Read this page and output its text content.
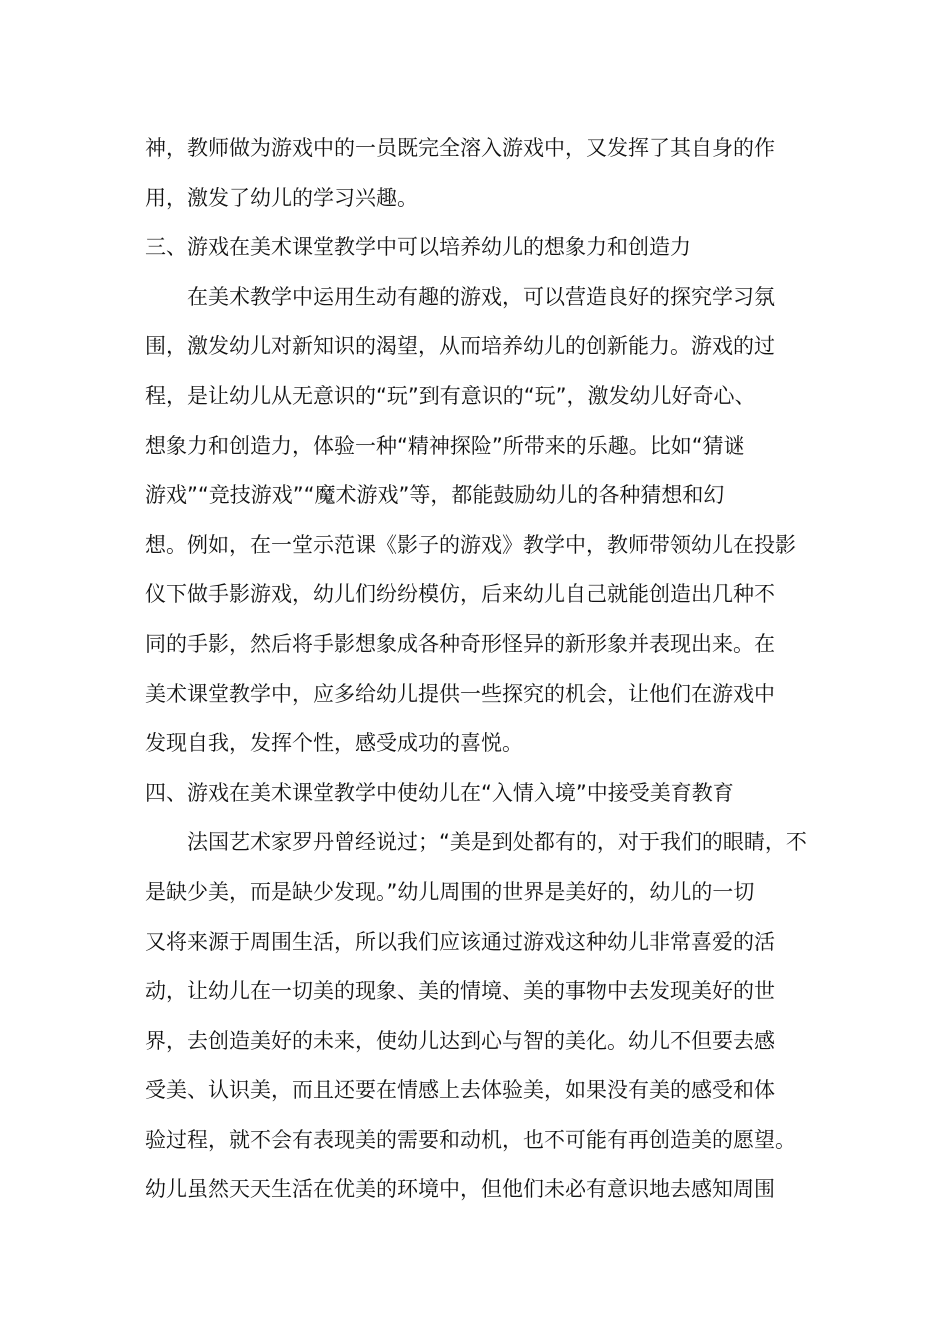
神，教师做为游戏中的一员既完全溶入游戏中，又发挥了其自身的作
用，激发了幼儿的学习兴趣。
三、游戏在美术课堂教学中可以培养幼儿的想象力和创造力
在美术教学中运用生动有趣的游戏，可以营造良好的探究学习氛
围，激发幼儿对新知识的渴望，从而培养幼儿的创新能力。游戏的过
程，是让幼儿从无意识的“玩”到有意识的“玩”，激发幼儿好奇心、
想象力和创造力，体验一种“精神探险”所带来的乐趣。比如“猜谜
游戏”“竞技游戏”“魔术游戏”等，都能鼓励幼儿的各种猜想和幻
想。例如，在一堂示范课《影子的游戏》教学中，教师带领幼儿在投影
仪下做手影游戏，幼儿们纷纷模仿，后来幼儿自己就能创造出几种不
同的手影，然后将手影想象成各种奇形怪异的新形象并表现出来。在
美术课堂教学中，应多给幼儿提供一些探究的机会，让他们在游戏中
发现自我，发挥个性，感受成功的喜悦。
四、游戏在美术课堂教学中使幼儿在“入情入境”中接受美育教育
法国艺术家罗丹曾经说过；“美是到处都有的，对于我们的眼睛，不
是缺少美，而是缺少发现。”幼儿周围的世界是美好的，幼儿的一切
又将来源于周围生活，所以我们应该通过游戏这种幼儿非常喜爱的活
动，让幼儿在一切美的现象、美的情境、美的事物中去发现美好的世
界，去创造美好的未来，使幼儿达到心与智的美化。幼儿不但要去感
受美、认识美，而且还要在情感上去体验美，如果没有美的感受和体
验过程，就不会有表现美的需要和动机，也不可能有再创造美的愿望。
幼儿虽然天天生活在优美的环境中，但他们未必有意识地去感知周围
